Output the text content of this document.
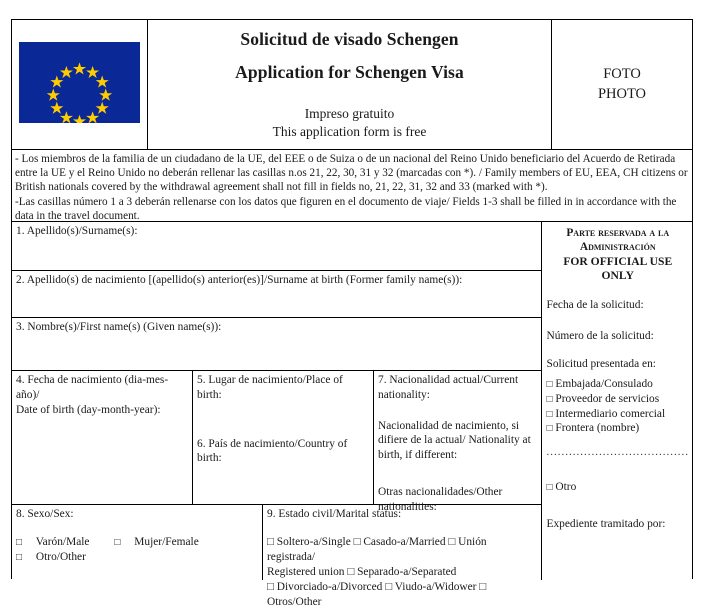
Solicitud de visado Schengen
Application for Schengen Visa
Impreso gratuito
This application form is free
FOTO
PHOTO

- Los miembros de la familia de un ciudadano de la UE, del EEE o de Suiza o de un nacional del Reino Unido beneficiario del Acuerdo de Retirada entre la UE y el Reino Unido no deberán rellenar las casillas n.os 21, 22, 30, 31 y 32 (marcadas con *). / Family members of EU, EEA, CH citizens or British nationals covered by the withdrawal agreement shall not fill in fields no, 21, 22, 31, 32 and 33 (marked with *).

-Las casillas número 1 a 3 deberán rellenarse con los datos que figuren en el documento de viaje/ Fields 1-3 shall be filled in in accordance with the data in the travel document.

1. Apellido(s)/Surname(s):
2. Apellido(s) de nacimiento [(apellido(s) anterior(es)]/Surname at birth (Former family name(s)):
3. Nombre(s)/First name(s) (Given name(s)):
4. Fecha de nacimiento (dia-mes-año)/
Date of birth (day-month-year):
5. Lugar de nacimiento/Place of birth:
6. País de nacimiento/Country of birth:
7. Nacionalidad actual/Current
nationality:
Nacionalidad de nacimiento, si difiere de la actual/ Nationality at birth, if different:
Otras nacionalidades/Other nationalities:
8. Sexo/Sex:
□ Varón/Male □ Mujer/Female □ Otro/Other
9. Estado civil/Marital status:
□ Soltero-a/Single □ Casado-a/Married □ Unión registrada/
Registered union □ Separado-a/Separated
□ Divorciado-a/Divorced □ Viudo-a/Widower □ Otros/Other
Parte reservada a la
Administración
FOR OFFICIAL USE
ONLY
Fecha de la solicitud:
Número de la solicitud:
Solicitud presentada en:
□ Embajada/Consulado
□ Proveedor de servicios
□ Intermediario comercial
□ Frontera (nombre)
......................................
□ Otro
Expediente tramitado por:
